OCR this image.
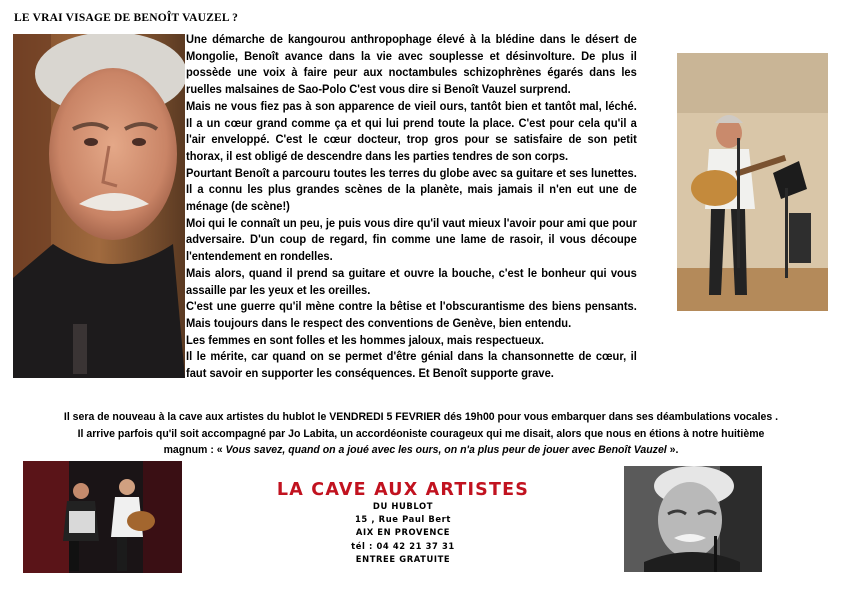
LE VRAI VISAGE DE BENOÎT VAUZEL ?

Une démarche de kangourou anthropophage élevé à la blédine dans le désert de Mongolie, Benoît avance dans la vie avec souplesse et désinvolture. De plus il possède une voix à faire peur aux noctambules schizophrènes égarés dans les ruelles malsaines de Sao-Polo C'est vous dire si Benoît Vauzel surprend.

Mais ne vous fiez pas à son apparence de vieil ours, tantôt bien et tantôt mal, léché. Il a un cœur grand comme ça et qui lui prend toute la place. C'est pour cela qu'il a l'air enveloppé. C'est le cœur docteur, trop gros pour se satisfaire de son petit thorax, il est obligé de descendre dans les parties tendres de son corps.

Pourtant Benoît a parcouru toutes les terres du globe avec sa guitare et ses lunettes. Il a connu les plus grandes scènes de la planète, mais jamais il n'en eut une de ménage (de scène!)

Moi qui le connaît un peu, je puis vous dire qu'il vaut mieux l'avoir pour ami que pour adversaire. D'un coup de regard, fin comme une lame de rasoir, il vous découpe l'entendement en rondelles.

Mais alors, quand il prend sa guitare et ouvre la bouche, c'est le bonheur qui vous assaille par les yeux et les oreilles.

C'est une guerre qu'il mène contre la bêtise et l'obscurantisme des biens pensants. Mais toujours dans le respect des conventions de Genève, bien entendu.

Les femmes en sont folles et les hommes jaloux, mais respectueux.

Il le mérite, car quand on se permet d'être génial dans la chansonnette de cœur, il faut savoir en supporter les conséquences. Et Benoît supporte grave.

Il sera de nouveau à la cave aux artistes du hublot le VENDREDI 5 FEVRIER dés 19h00 pour vous embarquer dans ses déambulations vocales .

Il arrive parfois qu'il soit accompagné par Jo Labita, un accordéoniste courageux qui me disait, alors que nous en étions à notre huitième

magnum : « Vous savez, quand on a joué avec les ours, on n'a plus peur de jouer avec Benoît Vauzel ».

LA CAVE AUX ARTISTES
DU HUBLOT
15 , Rue Paul Bert
AIX EN PROVENCE
tél : 04 42 21 37 31
ENTREE GRATUITE
